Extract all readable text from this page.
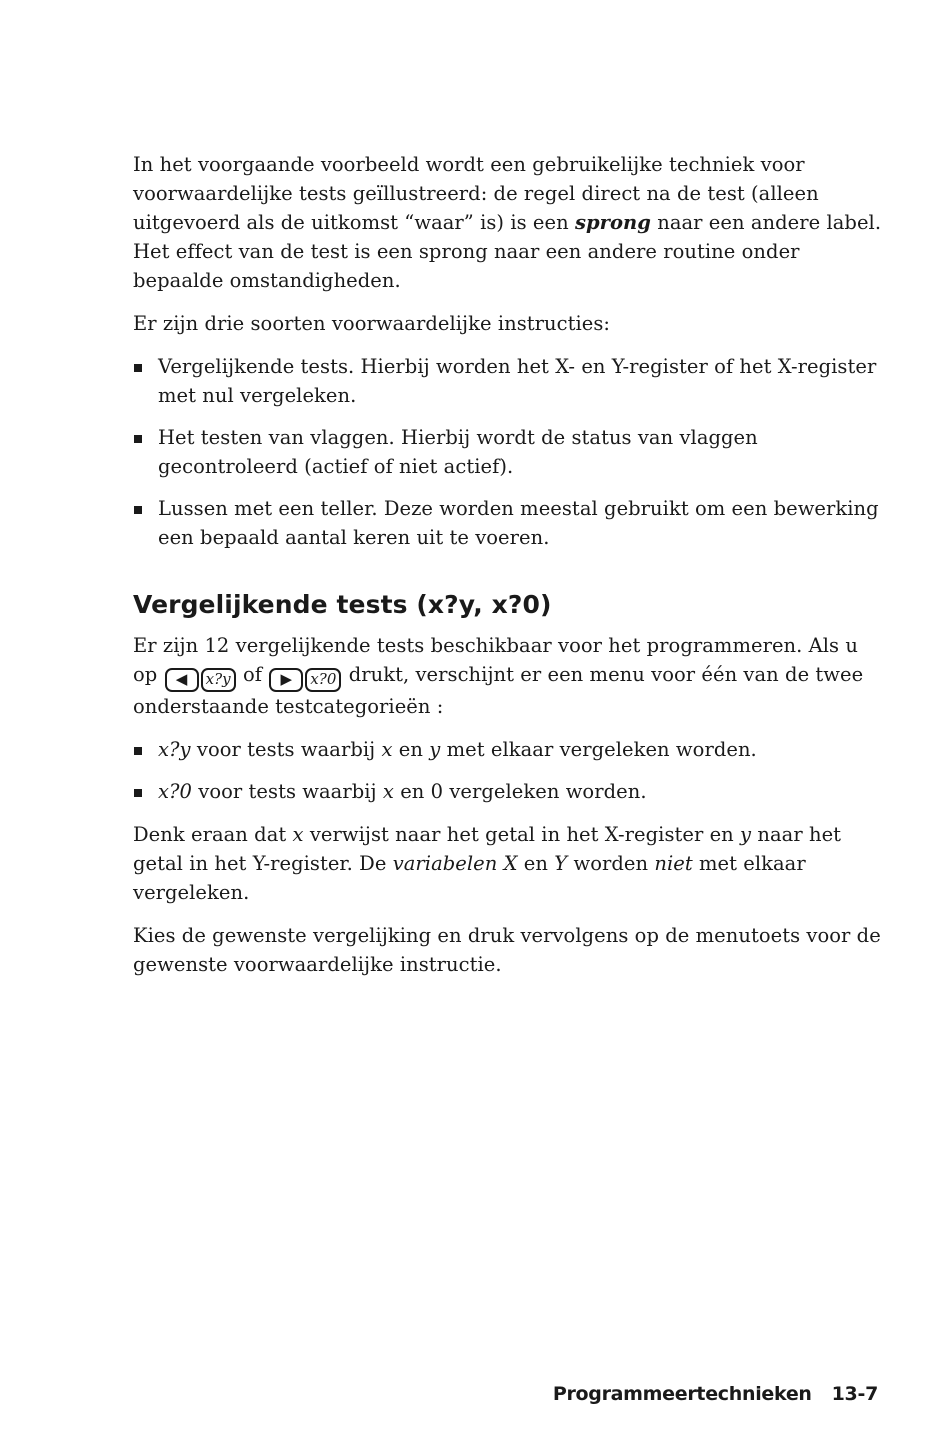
In het voorgaande voorbeeld wordt een gebruikelijke techniek voor voorwaardelijke tests geïllustreerd: de regel direct na de test (alleen uitgevoerd als de uitkomst “waar” is) is een sprong naar een andere label. Het effect van de test is een sprong naar een andere routine onder bepaalde omstandigheden.

Er zijn drie soorten voorwaardelijke instructies:

Vergelijkende tests. Hierbij worden het X- en Y-register of het X-register met nul vergeleken.
Het testen van vlaggen. Hierbij wordt de status van vlaggen gecontroleerd (actief of niet actief).
Lussen met een teller. Deze worden meestal gebruikt om een bewerking een bepaald aantal keren uit te voeren.
Vergelijkende tests (x?y, x?0)

Er zijn 12 vergelijkende tests beschikbaar voor het programmeren. Als u op ◀ x?y of ▶ x?0 drukt, verschijnt er een menu voor één van de twee onderstaande testcategorieën :

x?y voor tests waarbij x en y met elkaar vergeleken worden.
x?0 voor tests waarbij x en 0 vergeleken worden.

Denk eraan dat x verwijst naar het getal in het X-register en y naar het getal in het Y-register. De variabelen X en Y worden niet met elkaar vergeleken.

Kies de gewenste vergelijking en druk vervolgens op de menutoets voor de gewenste voorwaardelijke instructie.

Programmeertechnieken 13-7
